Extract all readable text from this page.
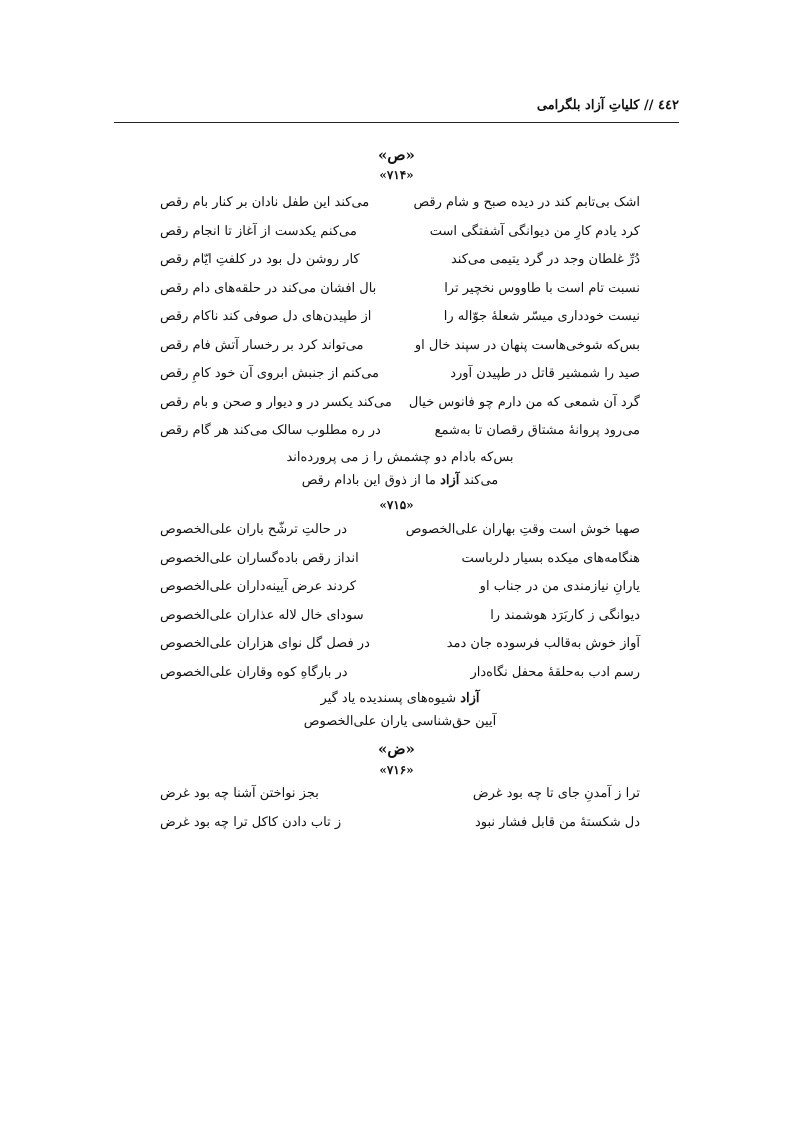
٤٤٢ // کلیاتِ آزاد بلگرامی
«ص»
«۷۱۴»
اشک بی‌تابم کند در دیده صبح و شام رقص
می‌کند این طفل نادان بر کنار بام رقص
کرد یادم کارِ من دیوانگی آشفتگی است
می‌کنم یکدست از آغاز تا انجام رقص
دُرِّ غلطان وجد در گرد یتیمی می‌کند
کار روشن دل بود در کلفتِ ایّام رقص
نسبت تام است با طاووس نخچیر ترا
بال افشان می‌کند در حلقه‌های دام رقص
نیست خودداری میسّر شعلهٔ جوّاله را
از طپیدن‌های دل صوفی کند ناکام رقص
بس‌که شوخی‌هاست پنهان در سپند خال او
می‌تواند کرد بر رخسار آتش فام رقص
صید را شمشیر قاتل در طپیدن آورد
می‌کنم از جنبش ابروی آن خود کامِ رقص
گرد آن شمعی که من دارم چو فانوس خیال
می‌کند یکسر در و دیوار و صحن و بام رقص
می‌رود پروانهٔ مشتاق رقصان تا به‌شمع
در ره مطلوب سالک می‌کند هر گام رقص
بس‌که بادام دو چشمش را ز می پرورده‌اند
می‌کند آزاد ما از ذوق این بادام رقص
«۷۱۵»
صهبا خوش است وقتِ بهاران علی‌الخصوص
در حالتِ ترشّح باران علی‌الخصوص
هنگامه‌های میکده بسیار دلرباست
انداز رقص باده‌گساران علی‌الخصوص
یارانِ نیازمندی من در جناب او
کردند عرض آیینه‌داران علی‌الخصوص
دیوانگی ز کاربَرَد هوشمند را
سودای خال لاله عذاران علی‌الخصوص
آواز خوش به‌قالب فرسوده جان دمد
در فصل گل نوای هزاران علی‌الخصوص
رسم ادب به‌حلقهٔ محفل نگاه‌دار
در بارگاهِ کوه وقاران علی‌الخصوص
آزاد شیوه‌های پسندیده یاد گیر
آیین حق‌شناسی یاران علی‌الخصوص
«ض»
«۷۱۶»
ترا ز آمدنِ جای تا چه بود غرض
بجز نواختن آشنا چه بود غرض
دل شکستهٔ من قابل فشار نبود
ز تاب دادن کاکل ترا چه بود غرض
